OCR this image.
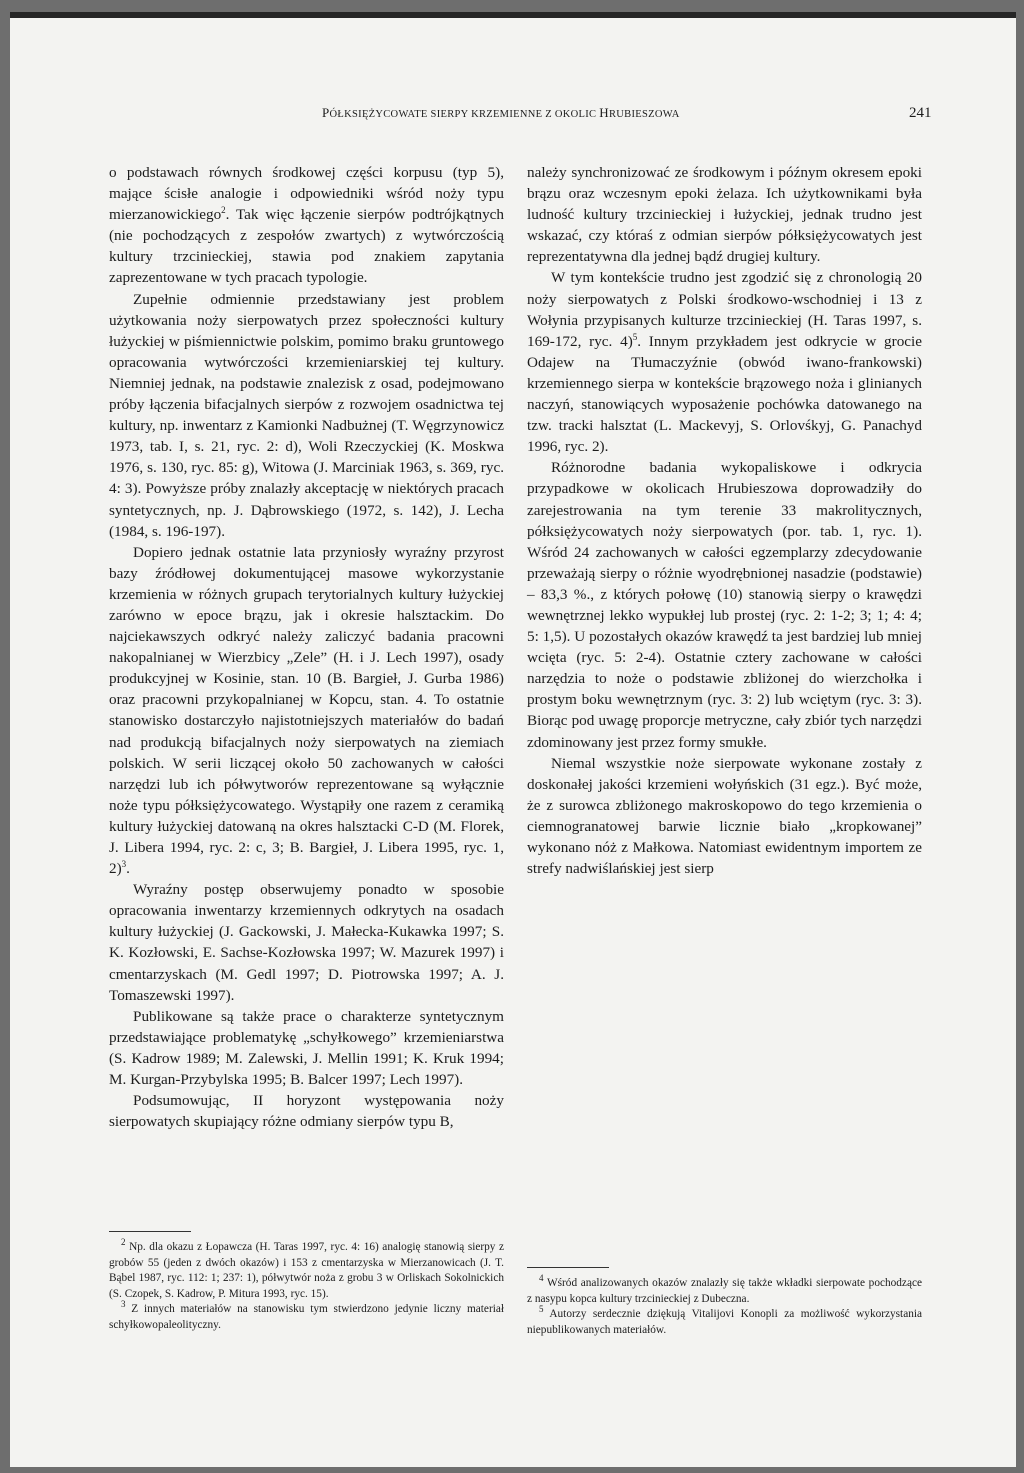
PÓŁKSIĘŻYCOWATE SIERPY KRZEMIENNE Z OKOLIC HRUBIESZOWA	241

o podstawach równych środkowej części korpusu (typ 5), mające ścisłe analogie i odpowiedniki wśród noży typu mierzanowickiego$^2$. Tak więc łączenie sierpów podtrójkątnych (nie pochodzących z zespołów zwartych) z wytwórczością kultury trzcinieckiej, stawia pod znakiem zapytania zaprezentowane w tych pracach typologie.

Zupełnie odmiennie przedstawiany jest problem użytkowania noży sierpowatych przez społeczności kultury łużyckiej w piśmiennictwie polskim, pomimo braku gruntowego opracowania wytwórczości krzemieniarskiej tej kultury. Niemniej jednak, na podstawie znalezisk z osad, podejmowano próby łączenia bifacjalnych sierpów z rozwojem osadnictwa tej kultury, np. inwentarz z Kamionki Nadbużnej (T. Węgrzynowicz 1973, tab. I, s. 21, ryc. 2: d), Woli Rzeczyckiej (K. Moskwa 1976, s. 130, ryc. 85: g), Witowa (J. Marciniak 1963, s. 369, ryc. 4: 3). Powyższe próby znalazły akceptację w niektórych pracach syntetycznych, np. J. Dąbrowskiego (1972, s. 142), J. Lecha (1984, s. 196-197).

Dopiero jednak ostatnie lata przyniosły wyraźny przyrost bazy źródłowej dokumentującej masowe wykorzystanie krzemienia w różnych grupach terytorialnych kultury łużyckiej zarówno w epoce brązu, jak i okresie halsztackim. Do najciekawszych odkryć należy zaliczyć badania pracowni nakopalnianej w Wierzbicy „Zele” (H. i J. Lech 1997), osady produkcyjnej w Kosinie, stan. 10 (B. Bargieł, J. Gurba 1986) oraz pracowni przykopalnianej w Kopcu, stan. 4. To ostatnie stanowisko dostarczyło najistotniejszych materiałów do badań nad produkcją bifacjalnych noży sierpowatych na ziemiach polskich. W serii liczącej około 50 zachowanych w całości narzędzi lub ich półwytworów reprezentowane są wyłącznie noże typu półksiężycowatego. Wystąpiły one razem z ceramiką kultury łużyckiej datowaną na okres halsztacki C-D (M. Florek, J. Libera 1994, ryc. 2: c, 3; B. Bargieł, J. Libera 1995, ryc. 1, 2)$^3$.

Wyraźny postęp obserwujemy ponadto w sposobie opracowania inwentarzy krzemiennych odkrytych na osadach kultury łużyckiej (J. Gackowski, J. Małecka-Kukawka 1997; S. K. Kozłowski, E. Sachse-Kozłowska 1997; W. Mazurek 1997) i cmentarzyskach (M. Gedl 1997; D. Piotrowska 1997; A. J. Tomaszewski 1997).

Publikowane są także prace o charakterze syntetycznym przedstawiające problematykę „schyłkowego” krzemieniarstwa (S. Kadrow 1989; M. Zalewski, J. Mellin 1991; K. Kruk 1994; M. Kurgan-Przybylska 1995; B. Balcer 1997; Lech 1997).

Podsumowując, II horyzont występowania noży sierpowatych skupiający różne odmiany sierpów typu B,

należy synchronizować ze środkowym i późnym okresem epoki brązu oraz wczesnym epoki żelaza. Ich użytkownikami była ludność kultury trzcinieckiej i łużyckiej, jednak trudno jest wskazać, czy któraś z odmian sierpów półksiężycowatych jest reprezentatywna dla jednej bądź drugiej kultury.

W tym kontekście trudno jest zgodzić się z chronologią 20 noży sierpowatych z Polski środkowo-wschodniej i 13 z Wołynia przypisanych kulturze trzcinieckiej (H. Taras 1997, s. 169-172, ryc. 4)$^5$. Innym przykładem jest odkrycie w grocie Odajew na Tłumaczyźnie (obwód iwano-frankowski) krzemiennego sierpa w kontekście brązowego noża i glinianych naczyń, stanowiących wyposażenie pochówka datowanego na tzw. tracki halsztat (L. Mackevyj, S. Orlovśkyj, G. Panachyd 1996, ryc. 2).

Różnorodne badania wykopaliskowe i odkrycia przypadkowe w okolicach Hrubieszowa doprowadziły do zarejestrowania na tym terenie 33 makrolitycznych, półksiężycowatych noży sierpowatych (por. tab. 1, ryc. 1). Wśród 24 zachowanych w całości egzemplarzy zdecydowanie przeważają sierpy o różnie wyodrębnionej nasadzie (podstawie) – 83,3 %., z których połowę (10) stanowią sierpy o krawędzi wewnętrznej lekko wypukłej lub prostej (ryc. 2: 1-2; 3; 1; 4: 4; 5: 1,5). U pozostałych okazów krawędź ta jest bardziej lub mniej wcięta (ryc. 5: 2-4). Ostatnie cztery zachowane w całości narzędzia to noże o podstawie zbliżonej do wierzchołka i prostym boku wewnętrznym (ryc. 3: 2) lub wciętym (ryc. 3: 3). Biorąc pod uwagę proporcje metryczne, cały zbiór tych narzędzi zdominowany jest przez formy smukłe.

Niemal wszystkie noże sierpowate wykonane zostały z doskonałej jakości krzemieni wołyńskich (31 egz.). Być może, że z surowca zbliżonego makroskopowo do tego krzemienia o ciemnogranatowej barwie licznie biało „kropkowanej” wykonano nóż z Małkowa. Natomiast ewidentnym importem ze strefy nadwiślańskiej jest sierp

$^2$ Np. dla okazu z Łopawcza (H. Taras 1997, ryc. 4: 16) analogię stanowią sierpy z grobów 55 (jeden z dwóch okazów) i 153 z cmentarzyska w Mierzanowicach (J. T. Bąbel 1987, ryc. 112: 1; 237: 1), półwytwór noża z grobu 3 w Orliskach Sokolnickich (S. Czopek, S. Kadrow, P. Mitura 1993, ryc. 15).

$^3$ Z innych materiałów na stanowisku tym stwierdzono jedynie liczny materiał schyłkowopaleolityczny.

$^4$ Wśród analizowanych okazów znalazły się także wkładki sierpowate pochodzące z nasypu kopca kultury trzcinieckiej z Dubeczna.

$^5$ Autorzy serdecznie dziękują Vitalijovi Konopli za możliwość wykorzystania niepublikowanych materiałów.
